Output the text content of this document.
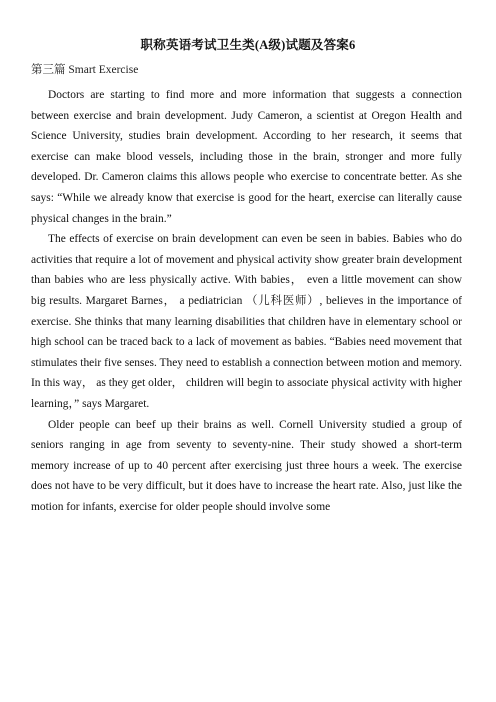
职称英语考试卫生类(A级)试题及答案6
第三篇 Smart Exercise

Doctors are starting to find more and more information that suggests a connection between exercise and brain development. Judy Cameron, a scientist at Oregon Health and Science University, studies brain development. According to her research, it seems that exercise can make blood vessels, including those in the brain, stronger and more fully developed. Dr. Cameron claims this allows people who exercise to concentrate better. As she says: “While we already know that exercise is good for the heart, exercise can literally cause physical changes in the brain.”

The effects of exercise on brain development can even be seen in babies. Babies who do activities that require a lot of movement and physical activity show greater brain development than babies who are less physically active. With babies， even a little movement can show big results. Margaret Barnes， a pediatrician （儿科医师）, believes in the importance of exercise. She thinks that many learning disabilities that children have in elementary school or high school can be traced back to a lack of movement as babies. “Babies need movement that stimulates their five senses. They need to establish a connection between motion and memory. In this way， as they get older， children will begin to associate physical activity with higher learning，” says Margaret.

Older people can beef up their brains as well. Cornell University studied a group of seniors ranging in age from seventy to seventy-nine. Their study showed a short-term memory increase of up to 40 percent after exercising just three hours a week. The exercise does not have to be very difficult, but it does have to increase the heart rate. Also, just like the motion for infants, exercise for older people should involve some
